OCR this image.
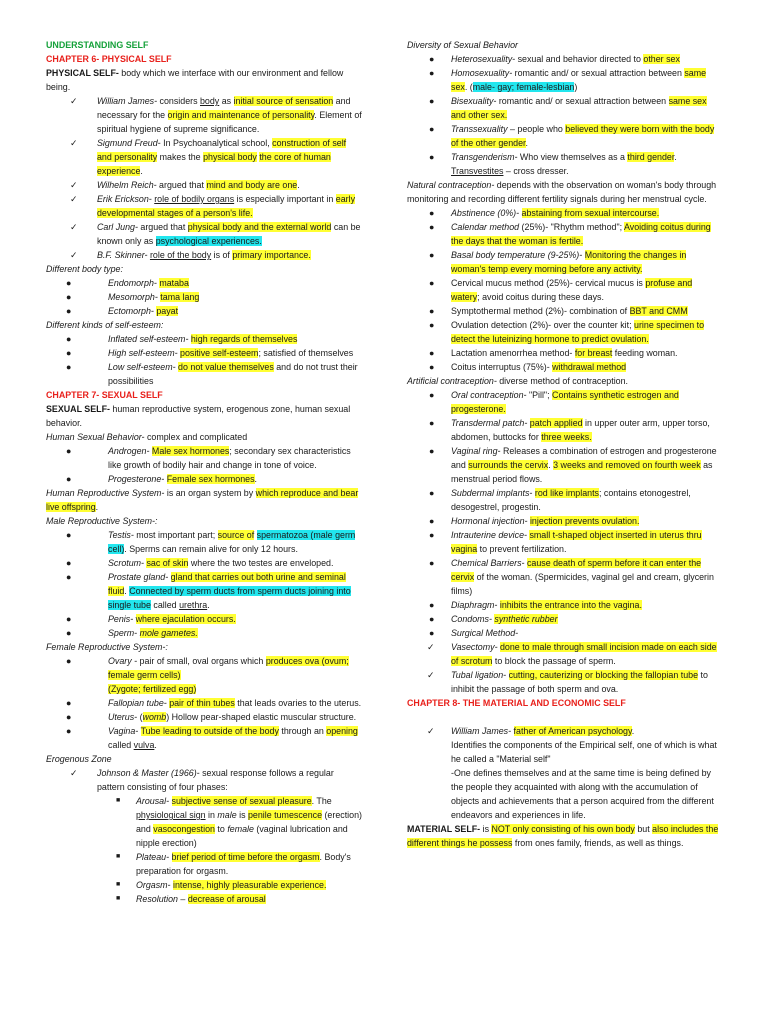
UNDERSTANDING SELF

CHAPTER 6- PHYSICAL SELF

PHYSICAL SELF- body which we interface with our environment and fellow being.

✓ William James- considers body as initial source of sensation and necessary for the origin and maintenance of personality. Element of spiritual hygiene of supreme significance.
✓ Sigmund Freud- In Psychoanalytical school, construction of self and personality makes the physical body the core of human experience.
✓ Wilhelm Reich- argued that mind and body are one.
✓ Erik Erickson- role of bodily organs is especially important in early developmental stages of a person's life.
✓ Carl Jung- argued that physical body and the external world can be known only as psychological experiences.
✓ B.F. Skinner- role of the body is of primary importance.

Different body type:

●	Endomorph- mataba
●	Mesomorph- tama lang
●	Ectomorph- payat

Different kinds of self-esteem:

●	Inflated self-esteem- high regards of themselves
●	High self-esteem- positive self-esteem; satisfied of themselves
●	Low self-esteem- do not value themselves and do not trust their possibilities

CHAPTER 7- SEXUAL SELF

SEXUAL SELF- human reproductive system, erogenous zone, human sexual behavior.

Human Sexual Behavior- complex and complicated

●	Androgen- Male sex hormones; secondary sex characteristics like growth of bodily hair and change in tone of voice.
●	Progesterone- Female sex hormones.

Human Reproductive System- is an organ system by which reproduce and bear live offspring.

Male Reproductive System-:

●	Testis- most important part; source of spermatozoa (male germ cell). Sperms can remain alive for only 12 hours.
●	Scrotum- sac of skin where the two testes are enveloped.
●	Prostate gland- gland that carries out both urine and seminal fluid. Connected by sperm ducts from sperm ducts joining into single tube called urethra.
●	Penis- where ejaculation occurs.
●	Sperm- mole gametes.

Female Reproductive System-:

●	Ovary - pair of small, oval organs which produces ova (ovum; female germ cells)
(Zygote; fertilized egg)
●	Fallopian tube- pair of thin tubes that leads ovaries to the uterus.
●	Uterus- (womb) Hollow pear-shaped elastic muscular structure.
●	Vagina- Tube leading to outside of the body through an opening called vulva.

Erogenous Zone

✓ Johnson & Master (1966)- sexual response follows a regular pattern consisting of four phases:
■ Arousal- subjective sense of sexual pleasure. The physiological sign in male is penile tumescence (erection) and vasocongestion to female (vaginal lubrication and nipple erection)
■ Plateau- brief period of time before the orgasm. Body's preparation for orgasm.
■ Orgasm- intense, highly pleasurable experience.
■ Resolution – decrease of arousal

Diversity of Sexual Behavior

● Heterosexuality- sexual and behavior directed to other sex
● Homosexuality- romantic and/ or sexual attraction between same sex. (male- gay; female-lesbian)
● Bisexuality- romantic and/ or sexual attraction between same sex and other sex.
● Transsexuality – people who believed they were born with the body of the other gender.
● Transgenderism- Who view themselves as a third gender.
Transvestites – cross dresser.

Natural contraception- depends with the observation on woman's body through monitoring and recording different fertility signals during her menstrual cycle.

● Abstinence (0%)- abstaining from sexual intercourse.
● Calendar method (25%)- "Rhythm method"; Avoiding coitus during the days that the woman is fertile.
● Basal body temperature (9-25%)- Monitoring the changes in woman's temp every morning before any activity.
● Cervical mucus method (25%)- cervical mucus is profuse and watery; avoid coitus during these days.
● Symptothermal method (2%)- combination of BBT and CMM
● Ovulation detection (2%)- over the counter kit; urine specimen to detect the luteinizing hormone to predict ovulation.
● Lactation amenorrhea method- for breast feeding woman.
● Coitus interruptus (75%)- withdrawal method

Artificial contraception- diverse method of contraception.

● Oral contraception- "Pill"; Contains synthetic estrogen and progesterone.
● Transdermal patch- patch applied in upper outer arm, upper torso, abdomen, buttocks for three weeks.
● Vaginal ring- Releases a combination of estrogen and progesterone and surrounds the cervix. 3 weeks and removed on fourth week as menstrual period flows.
● Subdermal implants- rod like implants; contains etonogestrel, desogestrel, progestin.
● Hormonal injection- injection prevents ovulation.
● Intrauterine device- small t-shaped object inserted in uterus thru vagina to prevent fertilization.
● Chemical Barriers- cause death of sperm before it can enter the cervix of the woman. (Spermicides, vaginal gel and cream, glycerin films)
● Diaphragm- inhibits the entrance into the vagina.
● Condoms- synthetic rubber
● Surgical Method-
✓ Vasectomy- done to male through small incision made on each side of scrotum to block the passage of sperm.
✓ Tubal ligation- cutting, cauterizing or blocking the fallopian tube to inhibit the passage of both sperm and ova.

CHAPTER 8- THE MATERIAL AND ECONOMIC SELF

✓ William James- father of American psychology.

Identifies the components of the Empirical self, one of which is what he called a "Material self"

-One defines themselves and at the same time is being defined by the people they acquainted with along with the accumulation of objects and achievements that a person acquired from the different endeavors and experiences in life.

MATERIAL SELF- is NOT only consisting of his own body but also includes the different things he possess from ones family, friends, as well as things.
